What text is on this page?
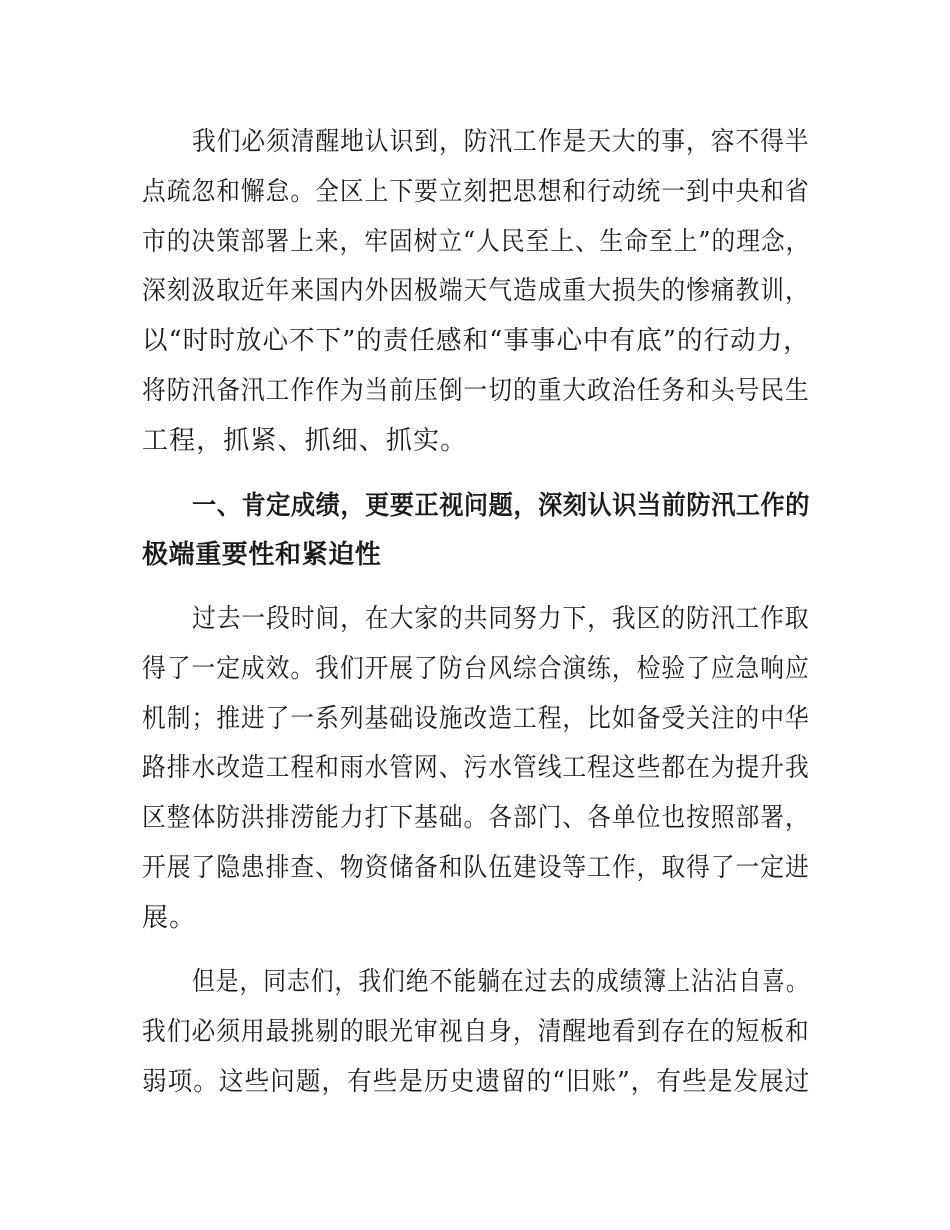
我们必须清醒地认识到，防汛工作是天大的事，容不得半
点疏忽和懈怠。全区上下要立刻把思想和行动统一到中央和省
市的决策部署上来，牢固树立“人民至上、生命至上”的理念，
深刻汲取近年来国内外因极端天气造成重大损失的惨痛教训，
以“时时放心不下”的责任感和“事事心中有底”的行动力，
将防汛备汛工作作为当前压倒一切的重大政治任务和头号民生
工程，抓紧、抓细、抓实。
一、肯定成绩，更要正视问题，深刻认识当前防汛工作的
极端重要性和紧迫性
过去一段时间，在大家的共同努力下，我区的防汛工作取
得了一定成效。我们开展了防台风综合演练，检验了应急响应
机制；推进了一系列基础设施改造工程，比如备受关注的中华
路排水改造工程和雨水管网、污水管线工程这些都在为提升我
区整体防洪排涝能力打下基础。各部门、各单位也按照部署，
开展了隐患排查、物资储备和队伍建设等工作，取得了一定进
展。
但是，同志们，我们绝不能躺在过去的成绩簿上沾沾自喜。
我们必须用最挑剔的眼光审视自身，清醒地看到存在的短板和
弱项。这些问题，有些是历史遗留的“旧账”，有些是发展过
